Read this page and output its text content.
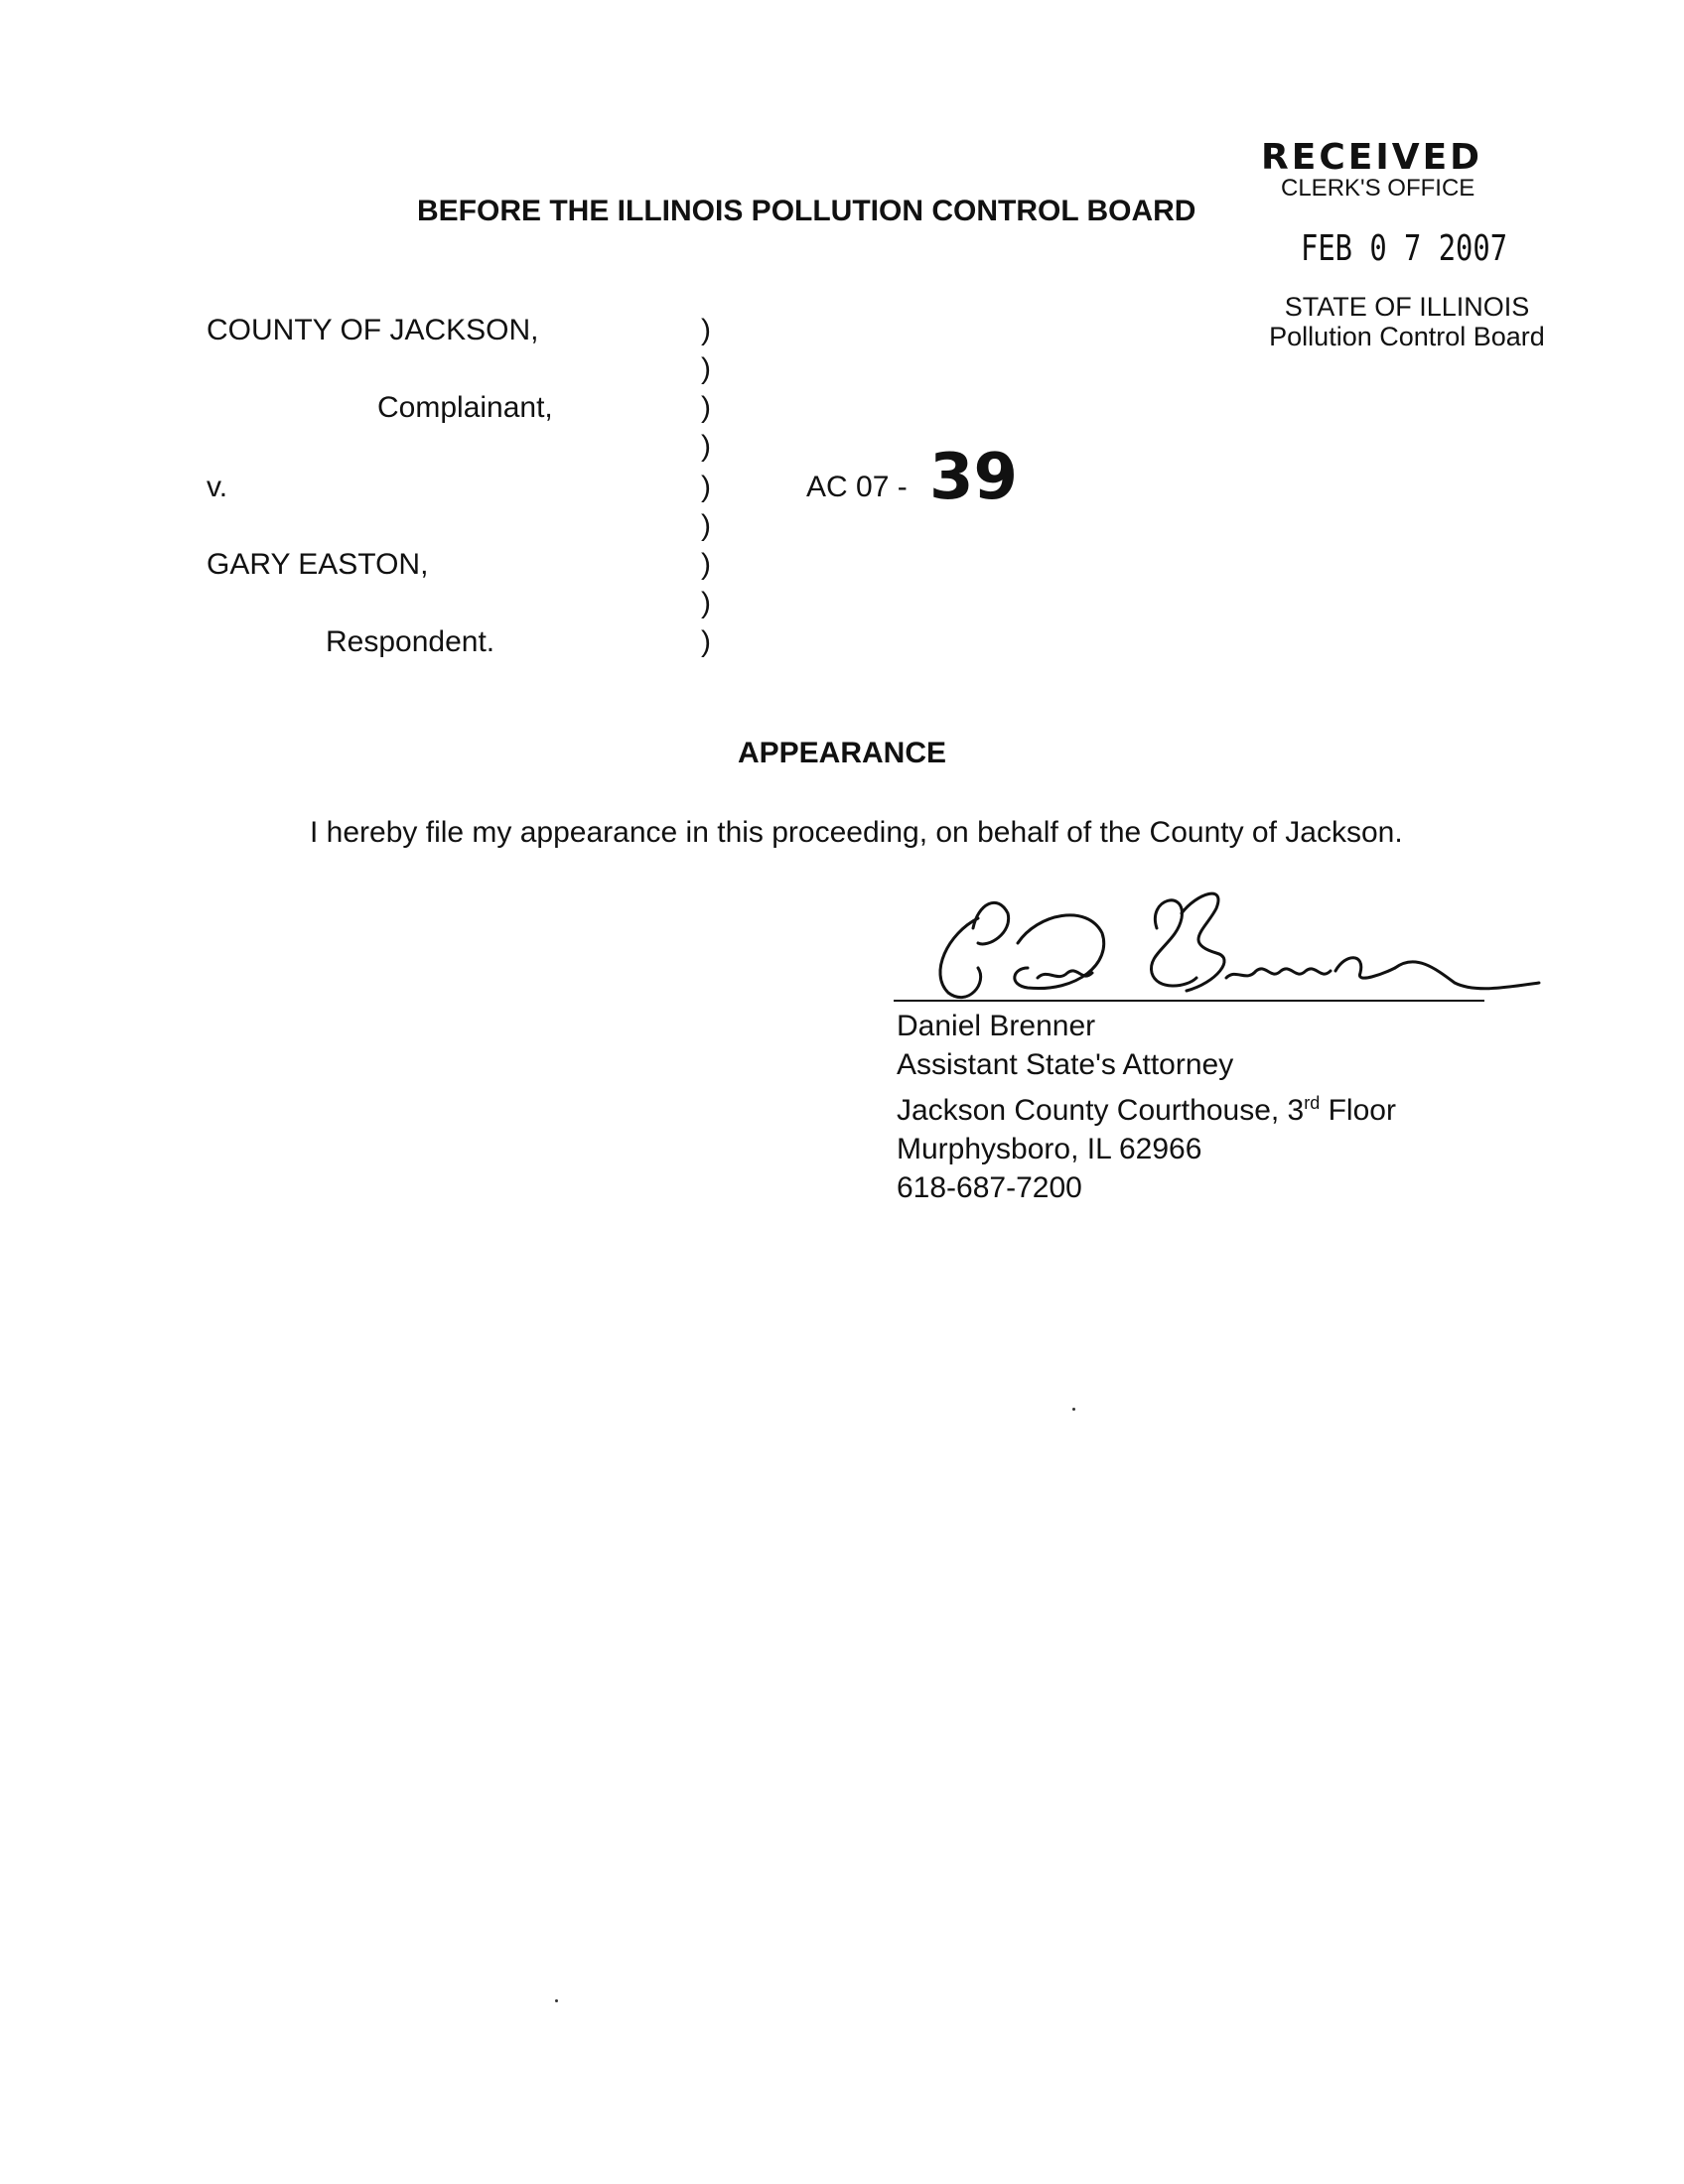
RECEIVED
CLERK'S OFFICE
FEB 0 7 2007
STATE OF ILLINOIS
Pollution Control Board
BEFORE THE ILLINOIS POLLUTION CONTROL BOARD
COUNTY OF JACKSON,
Complainant,
v.
GARY EASTON,
Respondent.
)
)
)
)
)
)
)
)
)
AC 07 - 39
APPEARANCE
I hereby file my appearance in this proceeding, on behalf of the County of Jackson.
Daniel Brenner
Daniel Brenner
Assistant State's Attorney
Jackson County Courthouse, 3rd Floor
Murphysboro, IL 62966
618-687-7200
